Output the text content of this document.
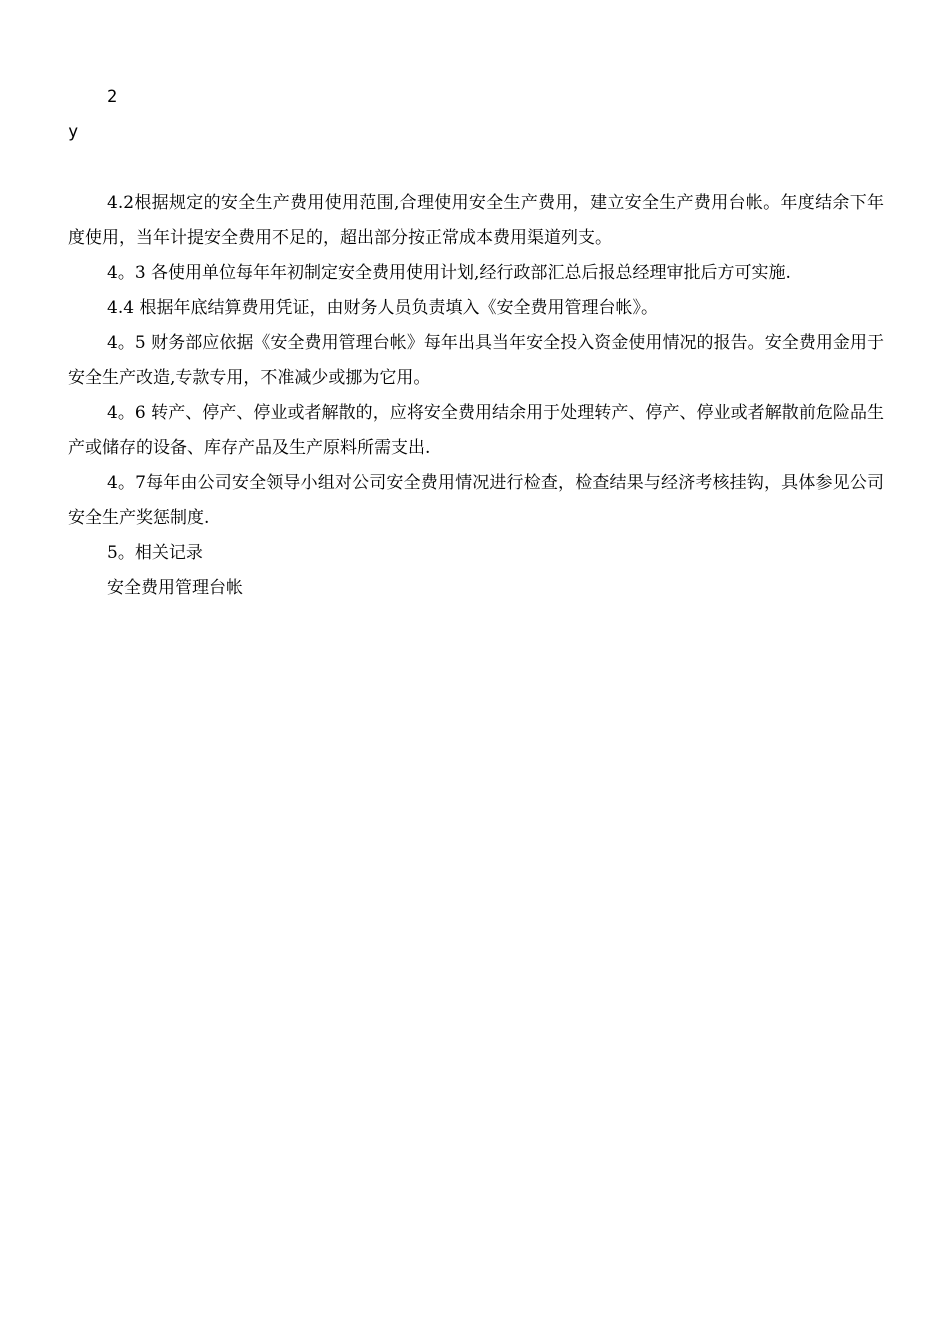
2
y

4.2根据规定的安全生产费用使用范围,合理使用安全生产费用，建立安全生产费用台帐。年度结余下年度使用，当年计提安全费用不足的，超出部分按正常成本费用渠道列支。

4。3 各使用单位每年年初制定安全费用使用计划,经行政部汇总后报总经理审批后方可实施.

4.4 根据年底结算费用凭证，由财务人员负责填入《安全费用管理台帐》。

4。5 财务部应依据《安全费用管理台帐》每年出具当年安全投入资金使用情况的报告。安全费用金用于安全生产改造,专款专用，不准减少或挪为它用。

4。6 转产、停产、停业或者解散的，应将安全费用结余用于处理转产、停产、停业或者解散前危险品生产或储存的设备、库存产品及生产原料所需支出.

4。7每年由公司安全领导小组对公司安全费用情况进行检查，检查结果与经济考核挂钩，具体参见公司安全生产奖惩制度.

5。相关记录

安全费用管理台帐
